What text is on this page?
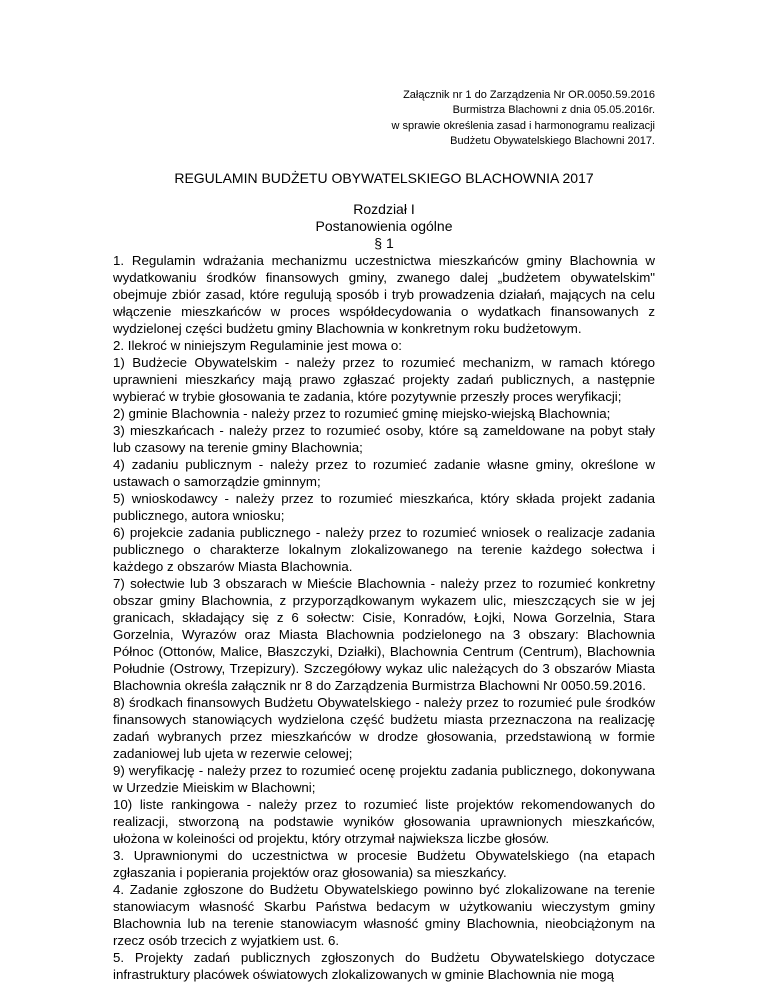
Załącznik nr 1 do Zarządzenia Nr OR.0050.59.2016
Burmistrza Blachowni z dnia 05.05.2016r.
w sprawie określenia zasad i harmonogramu realizacji
Budżetu Obywatelskiego Blachowni 2017.
REGULAMIN BUDŻETU OBYWATELSKIEGO BLACHOWNIA 2017
Rozdział I
Postanowienia ogólne
§ 1

1. Regulamin wdrażania mechanizmu uczestnictwa mieszkańców gminy Blachownia w wydatkowaniu środków finansowych gminy, zwanego dalej „budżetem obywatelskim" obejmuje zbiór zasad, które regulują sposób i tryb prowadzenia działań, mających na celu włączenie mieszkańców w proces współdecydowania o wydatkach finansowanych z wydzielonej części budżetu gminy Blachownia w konkretnym roku budżetowym.

2. Ilekroć w niniejszym Regulaminie jest mowa o:

1) Budżecie Obywatelskim - należy przez to rozumieć mechanizm, w ramach którego uprawnieni mieszkańcy mają prawo zgłaszać projekty zadań publicznych, a następnie wybierać w trybie głosowania te zadania, które pozytywnie przeszły proces weryfikacji;

2) gminie Blachownia - należy przez to rozumieć gminę miejsko-wiejską Blachownia;

3) mieszkańcach - należy przez to rozumieć osoby, które są zameldowane na pobyt stały lub czasowy na terenie gminy Blachownia;

4) zadaniu publicznym - należy przez to rozumieć zadanie własne gminy, określone w ustawach o samorządzie gminnym;

5) wnioskodawcy - należy przez to rozumieć mieszkańca, który składa projekt zadania publicznego, autora wniosku;

6) projekcie zadania publicznego - należy przez to rozumieć wniosek o realizacje zadania publicznego o charakterze lokalnym zlokalizowanego na terenie każdego sołectwa i każdego z obszarów Miasta Blachownia.

7) sołectwie lub 3 obszarach w Mieście Blachownia - należy przez to rozumieć konkretny obszar gminy Blachownia, z przyporządkowanym wykazem ulic, mieszczących sie w jej granicach, składający się z 6 sołectw: Cisie, Konradów, Łojki, Nowa Gorzelnia, Stara Gorzelnia, Wyrazów oraz Miasta Blachownia podzielonego na 3 obszary: Blachownia Północ (Ottonów, Malice, Błaszczyki, Działki), Blachownia Centrum (Centrum), Blachownia Południe (Ostrowy, Trzepizury). Szczegółowy wykaz ulic należących do 3 obszarów Miasta Blachownia określa załącznik nr 8 do Zarządzenia Burmistrza Blachowni Nr 0050.59.2016.

8) środkach finansowych Budżetu Obywatelskiego - należy przez to rozumieć pule środków finansowych stanowiących wydzielona część budżetu miasta przeznaczona na realizację zadań wybranych przez mieszkańców w drodze głosowania, przedstawioną w formie zadaniowej lub ujeta w rezerwie celowej;

9) weryfikację - należy przez to rozumieć ocenę projektu zadania publicznego, dokonywana w Urzedzie Mieiskim w Blachowni;

10) liste rankingowa - należy przez to rozumieć liste projektów rekomendowanych do realizacji, stworzoną na podstawie wyników głosowania uprawnionych mieszkańców, ułożona w koleiności od projektu, który otrzymał najwieksza liczbe głosów.

3. Uprawnionymi do uczestnictwa w procesie Budżetu Obywatelskiego (na etapach zgłaszania i popierania projektów oraz głosowania) sa mieszkańcy.

4. Zadanie zgłoszone do Budżetu Obywatelskiego powinno być zlokalizowane na terenie stanowiacym własność Skarbu Państwa bedacym w użytkowaniu wieczystym gminy Blachownia lub na terenie stanowiacym własność gminy Blachownia, nieobciążonym na rzecz osób trzecich z wyjatkiem ust. 6.

5. Projekty zadań publicznych zgłoszonych do Budżetu Obywatelskiego dotyczace infrastruktury placówek oświatowych zlokalizowanych w gminie Blachownia nie mogą
